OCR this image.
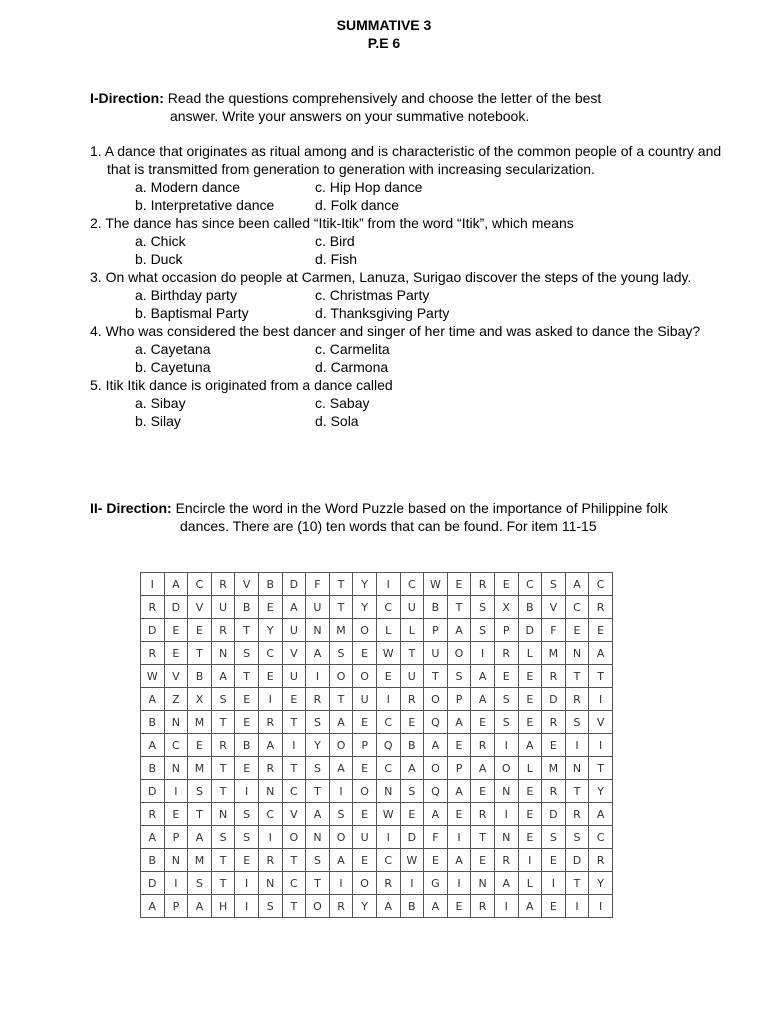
SUMMATIVE 3
P.E 6
I-Direction: Read the questions comprehensively and choose the letter of the best
answer. Write your answers on your summative notebook.
1. A dance that originates as ritual among and is characteristic of the common people of a country and that is transmitted from generation to generation with increasing secularization.
a. Modern dance	c. Hip Hop dance
b. Interpretative dance	d. Folk dance
2. The dance has since been called “Itik-Itik” from the word “Itik”, which means
a. Chick	c. Bird
b. Duck	d. Fish
3. On what occasion do people at Carmen, Lanuza, Surigao discover the steps of the young lady.
a. Birthday party	c. Christmas Party
b. Baptismal Party	d. Thanksgiving Party
4. Who was considered the best dancer and singer of her time and was asked to dance the Sibay?
a. Cayetana	c. Carmelita
b. Cayetuna	d. Carmona
5. Itik Itik dance is originated from a dance called
a. Sibay	c. Sabay
b. Silay	d. Sola
II- Direction: Encircle the word in the Word Puzzle based on the importance of Philippine folk
dances. There are (10) ten words that can be found. For item 11-15
I	A	C	R	V	B	D	F	T	Y	I	C	W	E	R	E	C	S	A	C
R	D	V	U	B	E	A	U	T	Y	C	U	B	T	S	X	B	V	C	R
D	E	E	R	T	Y	U	N	M	O	L	L	P	A	S	P	D	F	E	E
R	E	T	N	S	C	V	A	S	E	W	T	U	O	I	R	L	M	N	A
W	V	B	A	T	E	U	I	O	O	E	U	T	S	A	E	E	R	T	T
A	Z	X	S	E	I	E	R	T	U	I	R	O	P	A	S	E	D	R	I
B	N	M	T	E	R	T	S	A	E	C	E	Q	A	E	S	E	R	S	V
A	C	E	R	B	A	I	Y	O	P	Q	B	A	E	R	I	A	E	I	I
B	N	M	T	E	R	T	S	A	E	C	A	O	P	A	O	L	M	N	T
D	I	S	T	I	N	C	T	I	O	N	S	Q	A	E	N	E	R	T	Y
R	E	T	N	S	C	V	A	S	E	W	E	A	E	R	I	E	D	R	A
A	P	A	S	S	I	O	N	O	U	I	D	F	I	T	N	E	S	S	C
B	N	M	T	E	R	T	S	A	E	C	W	E	A	E	R	I	E	D	R
D	I	S	T	I	N	C	T	I	O	R	I	G	I	N	A	L	I	T	Y
A	P	A	H	I	S	T	O	R	Y	A	B	A	E	R	I	A	E	I	I
